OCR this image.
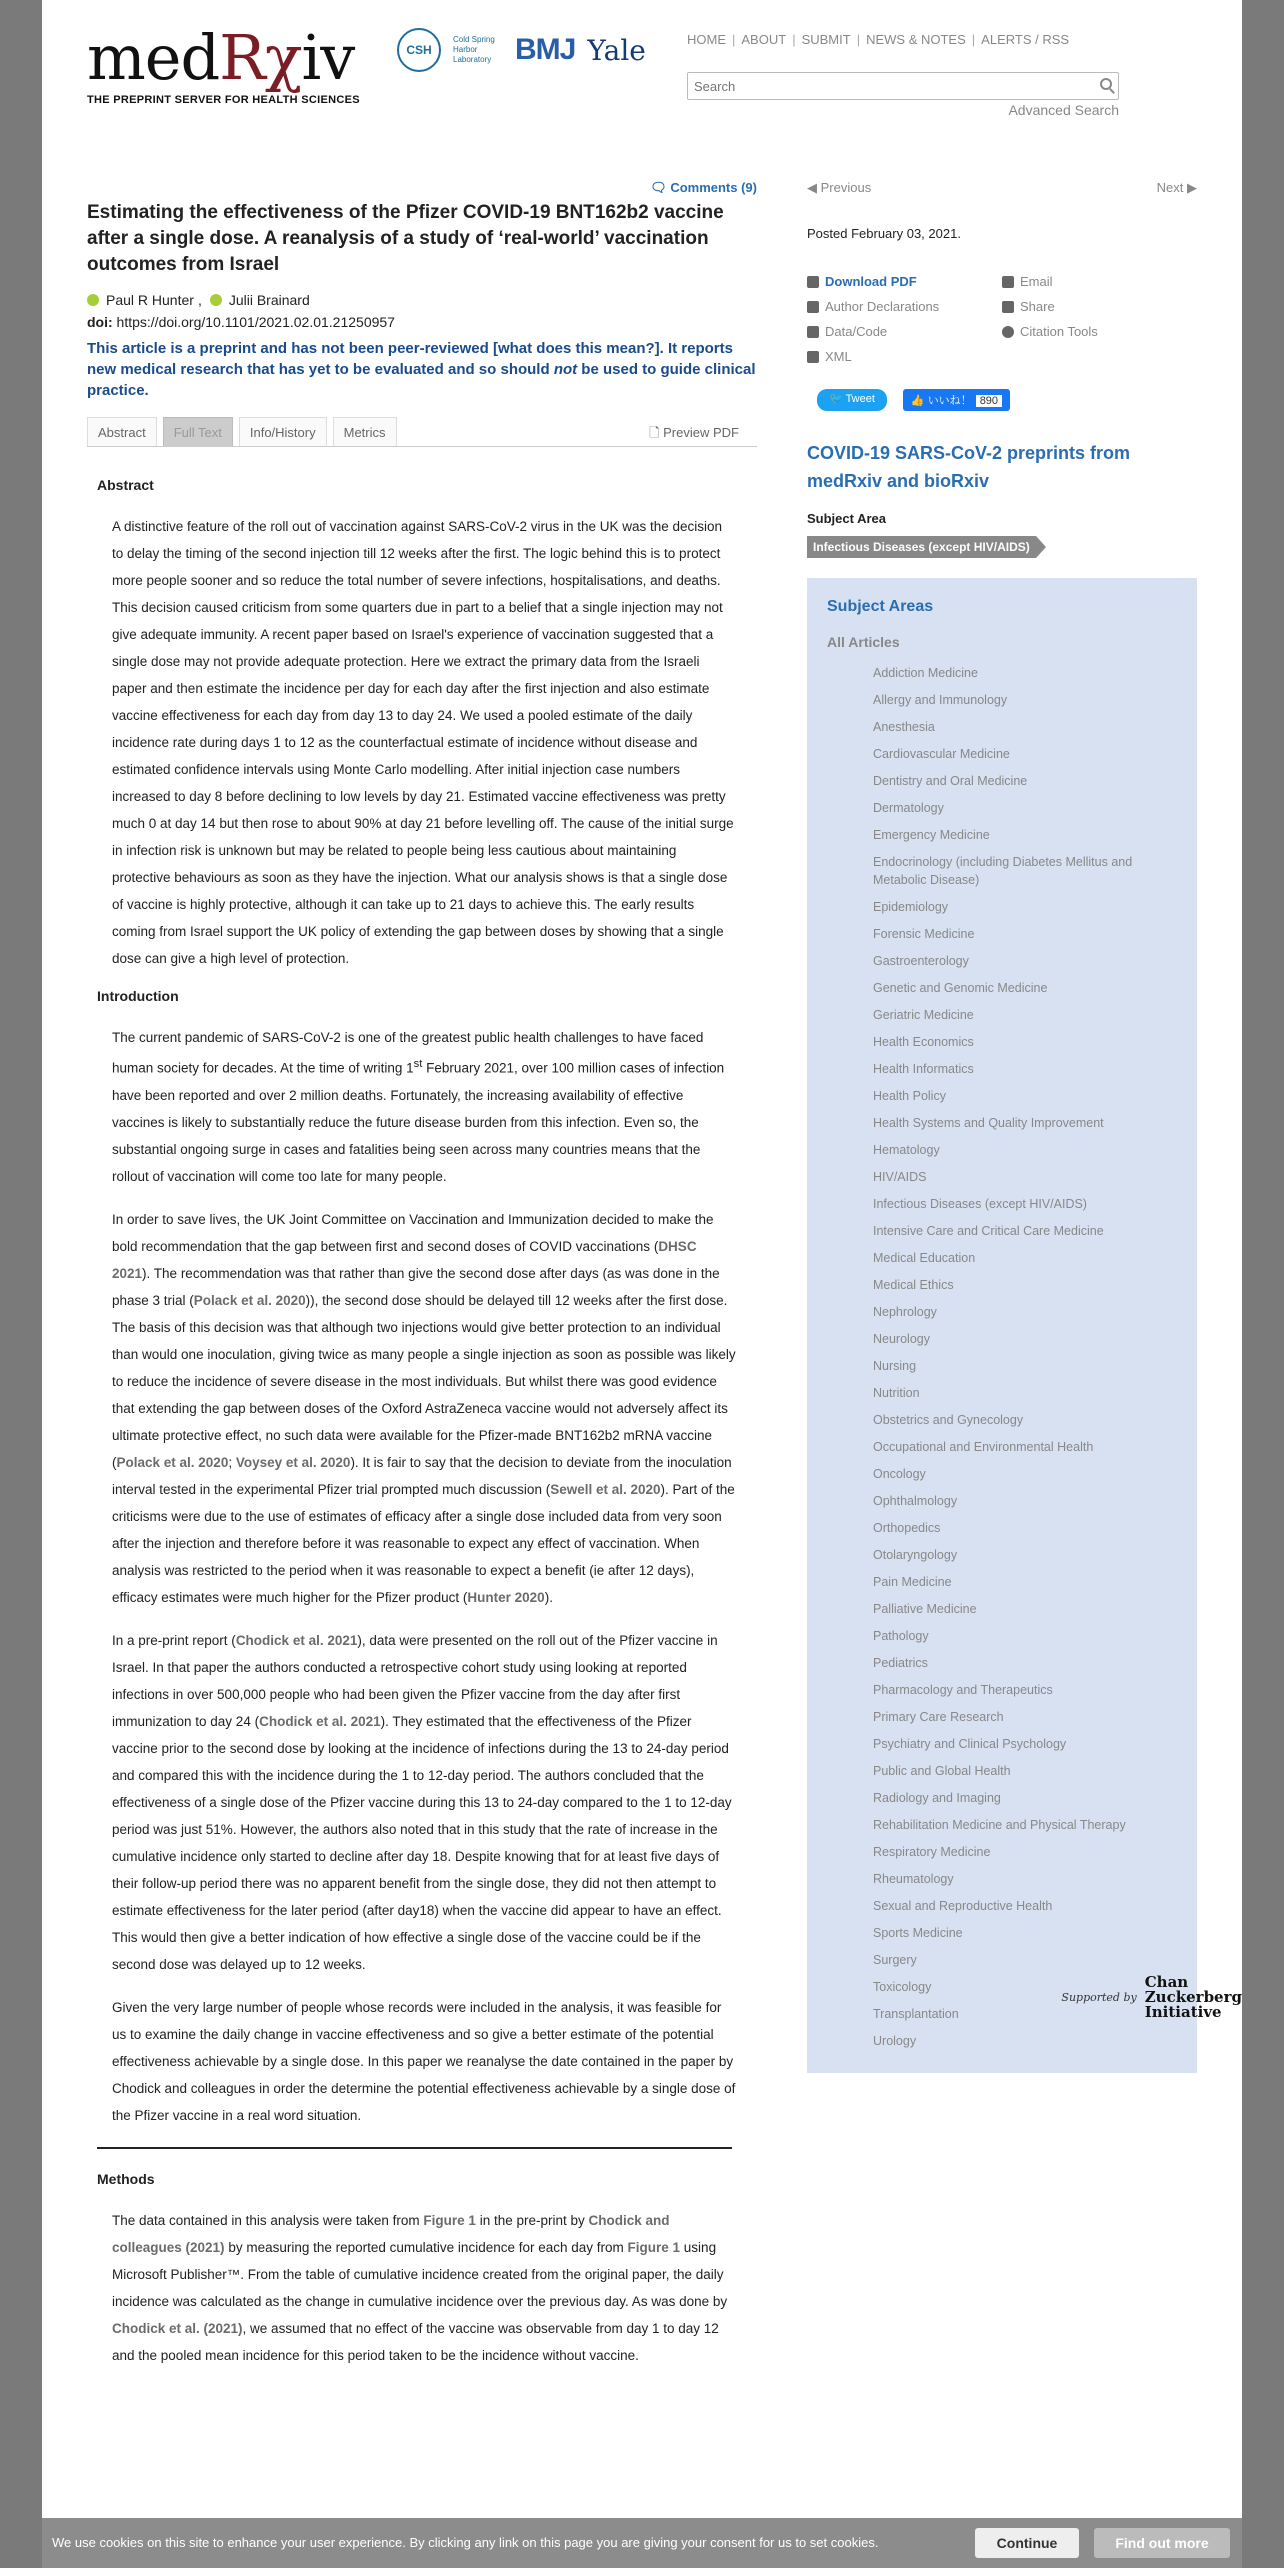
medRχiv
THE PREPRINT SERVER FOR HEALTH SCIENCES
CSH
Cold Spring Harbor Laboratory BMJ Yale	HOME | ABOUT | SUBMIT | NEWS & NOTES | ALERTS / RSS
Search
Advanced Search
🗨 Comments (9)
Estimating the effectiveness of the Pfizer COVID-19 BNT162b2 vaccine after a single dose. A reanalysis of a study of ‘real-world’ vaccination outcomes from Israel
Paul R Hunter , Julii Brainard
doi: https://doi.org/10.1101/2021.02.01.21250957
This article is a preprint and has not been peer-reviewed [what does this mean?]. It reports new medical research that has yet to be evaluated and so should not be used to guide clinical practice.
Abstract	Full Text	Info/History	Metrics	🗋 Preview PDF
Abstract

A distinctive feature of the roll out of vaccination against SARS-CoV-2 virus in the UK was the decision to delay the timing of the second injection till 12 weeks after the first. The logic behind this is to protect more people sooner and so reduce the total number of severe infections, hospitalisations, and deaths. This decision caused criticism from some quarters due in part to a belief that a single injection may not give adequate immunity. A recent paper based on Israel's experience of vaccination suggested that a single dose may not provide adequate protection. Here we extract the primary data from the Israeli paper and then estimate the incidence per day for each day after the first injection and also estimate vaccine effectiveness for each day from day 13 to day 24. We used a pooled estimate of the daily incidence rate during days 1 to 12 as the counterfactual estimate of incidence without disease and estimated confidence intervals using Monte Carlo modelling. After initial injection case numbers increased to day 8 before declining to low levels by day 21. Estimated vaccine effectiveness was pretty much 0 at day 14 but then rose to about 90% at day 21 before levelling off. The cause of the initial surge in infection risk is unknown but may be related to people being less cautious about maintaining protective behaviours as soon as they have the injection. What our analysis shows is that a single dose of vaccine is highly protective, although it can take up to 21 days to achieve this. The early results coming from Israel support the UK policy of extending the gap between doses by showing that a single dose can give a high level of protection.

Introduction

The current pandemic of SARS-CoV-2 is one of the greatest public health challenges to have faced human society for decades. At the time of writing 1st February 2021, over 100 million cases of infection have been reported and over 2 million deaths. Fortunately, the increasing availability of effective vaccines is likely to substantially reduce the future disease burden from this infection. Even so, the substantial ongoing surge in cases and fatalities being seen across many countries means that the rollout of vaccination will come too late for many people.

In order to save lives, the UK Joint Committee on Vaccination and Immunization decided to make the bold recommendation that the gap between first and second doses of COVID vaccinations (DHSC 2021). The recommendation was that rather than give the second dose after days (as was done in the phase 3 trial (Polack et al. 2020)), the second dose should be delayed till 12 weeks after the first dose. The basis of this decision was that although two injections would give better protection to an individual than would one inoculation, giving twice as many people a single injection as soon as possible was likely to reduce the incidence of severe disease in the most individuals. But whilst there was good evidence that extending the gap between doses of the Oxford AstraZeneca vaccine would not adversely affect its ultimate protective effect, no such data were available for the Pfizer-made BNT162b2 mRNA vaccine (Polack et al. 2020; Voysey et al. 2020). It is fair to say that the decision to deviate from the inoculation interval tested in the experimental Pfizer trial prompted much discussion (Sewell et al. 2020). Part of the criticisms were due to the use of estimates of efficacy after a single dose included data from very soon after the injection and therefore before it was reasonable to expect any effect of vaccination. When analysis was restricted to the period when it was reasonable to expect a benefit (ie after 12 days), efficacy estimates were much higher for the Pfizer product (Hunter 2020).

In a pre-print report (Chodick et al. 2021), data were presented on the roll out of the Pfizer vaccine in Israel. In that paper the authors conducted a retrospective cohort study using looking at reported infections in over 500,000 people who had been given the Pfizer vaccine from the day after first immunization to day 24 (Chodick et al. 2021). They estimated that the effectiveness of the Pfizer vaccine prior to the second dose by looking at the incidence of infections during the 13 to 24-day period and compared this with the incidence during the 1 to 12-day period. The authors concluded that the effectiveness of a single dose of the Pfizer vaccine during this 13 to 24-day compared to the 1 to 12-day period was just 51%. However, the authors also noted that in this study that the rate of increase in the cumulative incidence only started to decline after day 18. Despite knowing that for at least five days of their follow-up period there was no apparent benefit from the single dose, they did not then attempt to estimate effectiveness for the later period (after day18) when the vaccine did appear to have an effect. This would then give a better indication of how effective a single dose of the vaccine could be if the second dose was delayed up to 12 weeks.

Given the very large number of people whose records were included in the analysis, it was feasible for us to examine the daily change in vaccine effectiveness and so give a better estimate of the potential effectiveness achievable by a single dose. In this paper we reanalyse the date contained in the paper by Chodick and colleagues in order the determine the potential effectiveness achievable by a single dose of the Pfizer vaccine in a real word situation.

Methods

The data contained in this analysis were taken from Figure 1 in the pre-print by Chodick and colleagues (2021) by measuring the reported cumulative incidence for each day from Figure 1 using Microsoft Publisher™. From the table of cumulative incidence created from the original paper, the daily incidence was calculated as the change in cumulative incidence over the previous day. As was done by Chodick et al. (2021), we assumed that no effect of the vaccine was observable from day 1 to day 12 and the pooled mean incidence for this period taken to be the incidence without vaccine.

◀ Previous	Next ▶
Posted February 03, 2021.
Download PDF
Author Declarations
Data/Code
XML
Email
Share
Citation Tools
🐦 Tweet	👍 いいね！ 890
COVID-19 SARS-CoV-2 preprints from medRxiv and bioRxiv
Subject Area
Infectious Diseases (except HIV/AIDS)
Subject Areas
All Articles
Addiction Medicine
Allergy and Immunology
Anesthesia
Cardiovascular Medicine
Dentistry and Oral Medicine
Dermatology
Emergency Medicine
Endocrinology (including Diabetes Mellitus and Metabolic Disease)
Epidemiology
Forensic Medicine
Gastroenterology
Genetic and Genomic Medicine
Geriatric Medicine
Health Economics
Health Informatics
Health Policy
Health Systems and Quality Improvement
Hematology
HIV/AIDS
Infectious Diseases (except HIV/AIDS)
Intensive Care and Critical Care Medicine
Medical Education
Medical Ethics
Nephrology
Neurology
Nursing
Nutrition
Obstetrics and Gynecology
Occupational and Environmental Health
Oncology
Ophthalmology
Orthopedics
Otolaryngology
Pain Medicine
Palliative Medicine
Pathology
Pediatrics
Pharmacology and Therapeutics
Primary Care Research
Psychiatry and Clinical Psychology
Public and Global Health
Radiology and Imaging
Rehabilitation Medicine and Physical Therapy
Respiratory Medicine
Rheumatology
Sexual and Reproductive Health
Sports Medicine
Surgery
Toxicology
Transplantation
Urology
Supported by
Chan
Zuckerberg
Initiative
We use cookies on this site to enhance your user experience. By clicking any link on this page you are giving your consent for us to set cookies.	Continue	Find out more
